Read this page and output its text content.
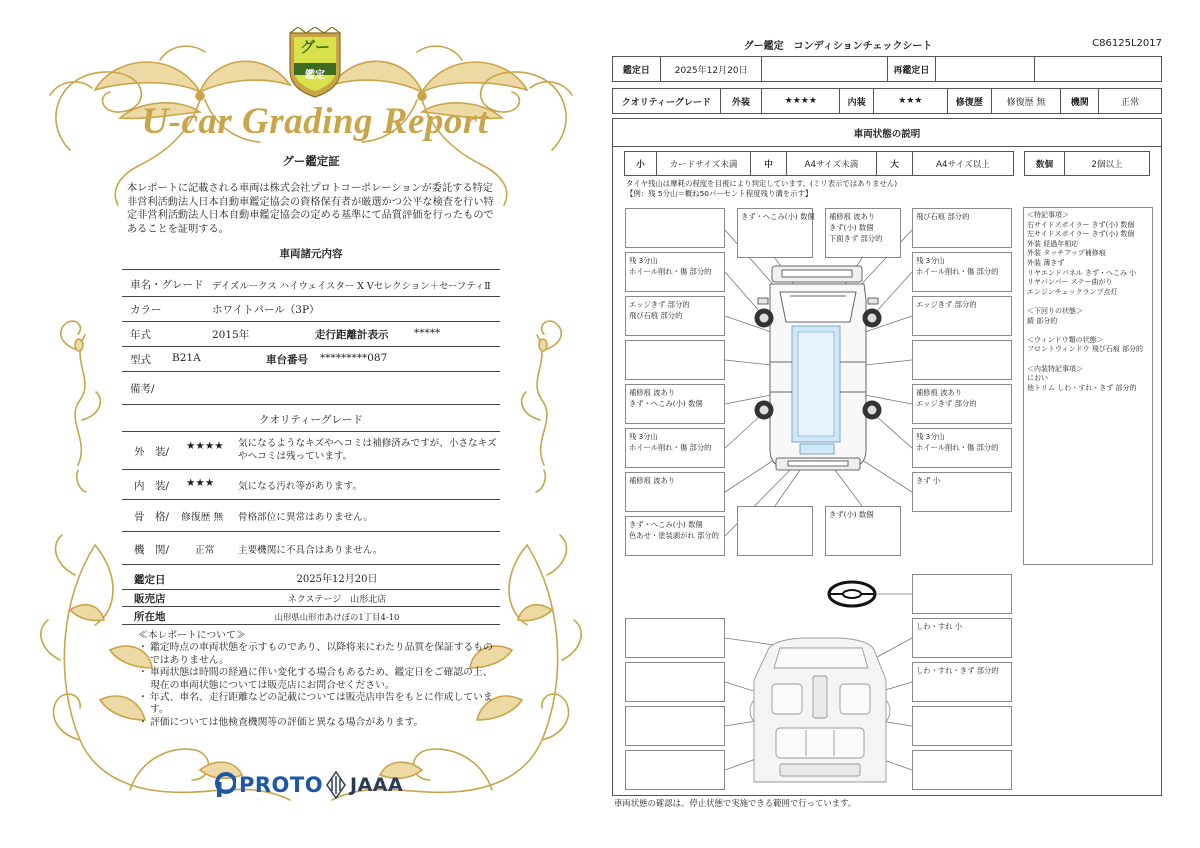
グー
鑑定
U-car Grading Report
グー鑑定証
本レポートに記載される車両は株式会社プロトコーポレーションが委託する特定非営利活動法人日本自動車鑑定協会の資格保有者が厳選かつ公平な検査を行い特定非営利活動法人日本自動車鑑定協会の定める基準にて品質評価を行ったものであることを証明する。
車両諸元内容
車名・グレード デイズルークス ハイウェイスター X Vセレクション＋セーフティⅡ
カラー	ホワイトパール（3P）
年式	2015年	走行距離計表示 *****
型式 B21A	車台番号 *********087
備考/
クオリティーグレード
外　装/ ★★★★ 気になるようなキズやヘコミは補修済みですが、小さなキズやヘコミは残っています。
内　装/ ★★★ 気になる汚れ等があります。
骨　格/ 修復歴 無 骨格部位に異常はありません。
機　関/	正常 主要機関に不具合はありません。
鑑定日	2025年12月20日
販売店	ネクステージ　山形北店
所在地	山形県山形市あけぼの1丁目4-10
≪本レポートについて≫
・ 鑑定時点の車両状態を示すものであり、以降将来にわたり品質を保証するものではありません。
・ 車両状態は時間の経過に伴い変化する場合もあるため、鑑定日をご確認の上、現在の車両状態については販売店にお問合せください。
・ 年式、車名、走行距離などの記載については販売店申告をもとに作成しています。
・ 評価については他検査機関等の評価と異なる場合があります。
PROTO JAAA
グー鑑定　コンディションチェックシート	C86125L2017
鑑定日	2025年12月20日	再鑑定日
クオリティーグレード	外装	★★★★	内装	★★★	修復歴	修復歴 無	機関	正常
車両状態の説明
小	カードサイズ未満	中	A4サイズ未満	大	A4サイズ以上	数個	2個以上
タイヤ残山は摩耗の程度を目視により判定しています。(ミリ表示ではありません)
【例：残 5分山＝概ね50パーセント程度残り溝を示す】
きず・へこみ(小) 数個 補修痕 波あり
きず(小) 数個
下面きず 部分的
残 3分山
ホイール削れ・傷 部分的
エッジきず 部分的
飛び石痕 部分的
補修痕 波あり
きず・へこみ(小) 数個
残 3分山
ホイール削れ・傷 部分的
補修痕 波あり
きず・へこみ(小) 数個
色あせ・塗装剥がれ 部分的
飛び石痕 部分的
残 3分山
ホイール削れ・傷 部分的
エッジきず 部分的
補修痕 波あり
エッジきず 部分的
残 3分山
ホイール削れ・傷 部分的
きず 小
きず(小) 数個
しわ・すれ 小
しわ・すれ・きず 部分的
＜特記事項＞
右サイドスポイラー きず(小) 数個
左サイドスポイラー きず(小) 数個
外装 経過年相応
外装 タッチアップ補修痕
外装 薄きず
リヤエンドパネル きず・へこみ 小
リヤバンパー ステー曲がり
エンジンチェックランプ点灯
＜下回りの状態＞
錆 部分的
＜ウィンドウ類の状態＞
フロントウィンドウ 飛び石痕 部分的
＜内装特記事項＞
におい
他トリム しわ・すれ・きず 部分的
車両状態の確認は、停止状態で実施できる範囲で行っています。
